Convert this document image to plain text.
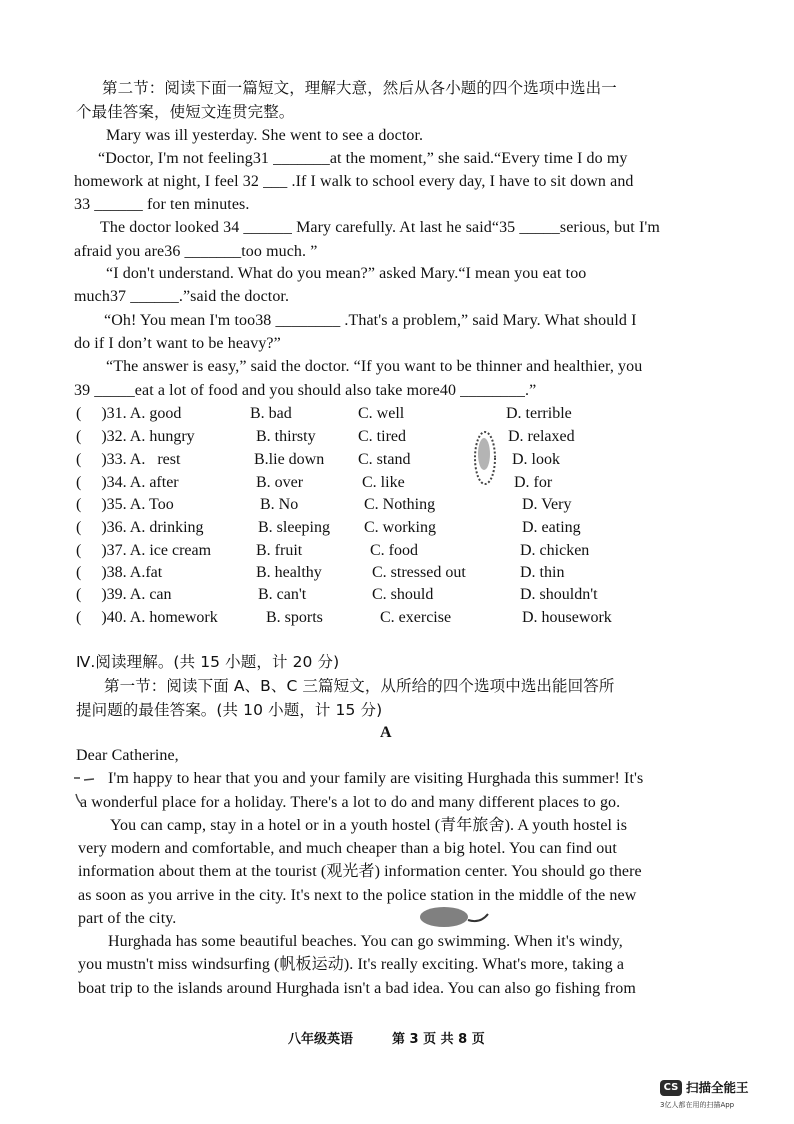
第二节：阅读下面一篇短文，理解大意，然后从各小题的四个选项中选出一
个最佳答案，使短文连贯完整。
Mary was ill yesterday. She went to see a doctor.
“Doctor, I'm not feeling31 _______at the moment,” she said.“Every time I do my
homework at night, I feel 32 ___ .If I walk to school every day, I have to sit down and
33 ______ for ten minutes.
The doctor looked 34 ______ Mary carefully. At last he said“35 _____serious, but I'm
afraid you are36 _______too much. ”
“I don't understand. What do you mean?” asked Mary.“I mean you eat too
much37 ______.”said the doctor.
“Oh! You mean I'm too38 ________ .That's a problem,” said Mary. What should I
do if I don’t want to be heavy?”
“The answer is easy,” said the doctor. “If you want to be thinner and healthier, you
39 _____eat a lot of food and you should also take more40 ________.”
(     )31. A. good	B. bad	C. well	D. terrible
(     )32. A. hungry	B. thirsty	C. tired	D. relaxed
(     )33. A.   rest	B.lie down C. stand	D. look
(     )34. A. after	B. over	C. like	D. for
(     )35. A. Too	B. No	C. Nothing	D. Very
(     )36. A. drinking	B. sleeping C. working	D. eating
(     )37. A. ice cream	B. fruit	C. food	D. chicken
(     )38. A.fat	B. healthy	C. stressed out	D. thin
(     )39. A. can	B. can't	C. should	D. shouldn't
(     )40. A. homework	B. sports	C. exercise	D. housework
Ⅳ.阅读理解。(共 15 小题，计 20 分)
第一节：阅读下面 A、B、C 三篇短文，从所给的四个选项中选出能回答所
提问题的最佳答案。(共 10 小题，计 15 分)
A
Dear Catherine,
I'm happy to hear that you and your family are visiting Hurghada this summer! It's
a wonderful place for a holiday. There's a lot to do and many different places to go.
You can camp, stay in a hotel or in a youth hostel (青年旅舍). A youth hostel is
very modern and comfortable, and much cheaper than a big hotel. You can find out
information about them at the tourist (观光者) information center. You should go there
as soon as you arrive in the city. It's next to the police station in the middle of the new
part of the city.
Hurghada has some beautiful beaches. You can go swimming. When it's windy,
you mustn't miss windsurfing (帆板运动). It's really exciting. What's more, taking a
boat trip to the islands around Hurghada isn't a bad idea. You can also go fishing from
八年级英语	第 3 页 共 8 页
CS 扫描全能王
3亿人都在用的扫描App
